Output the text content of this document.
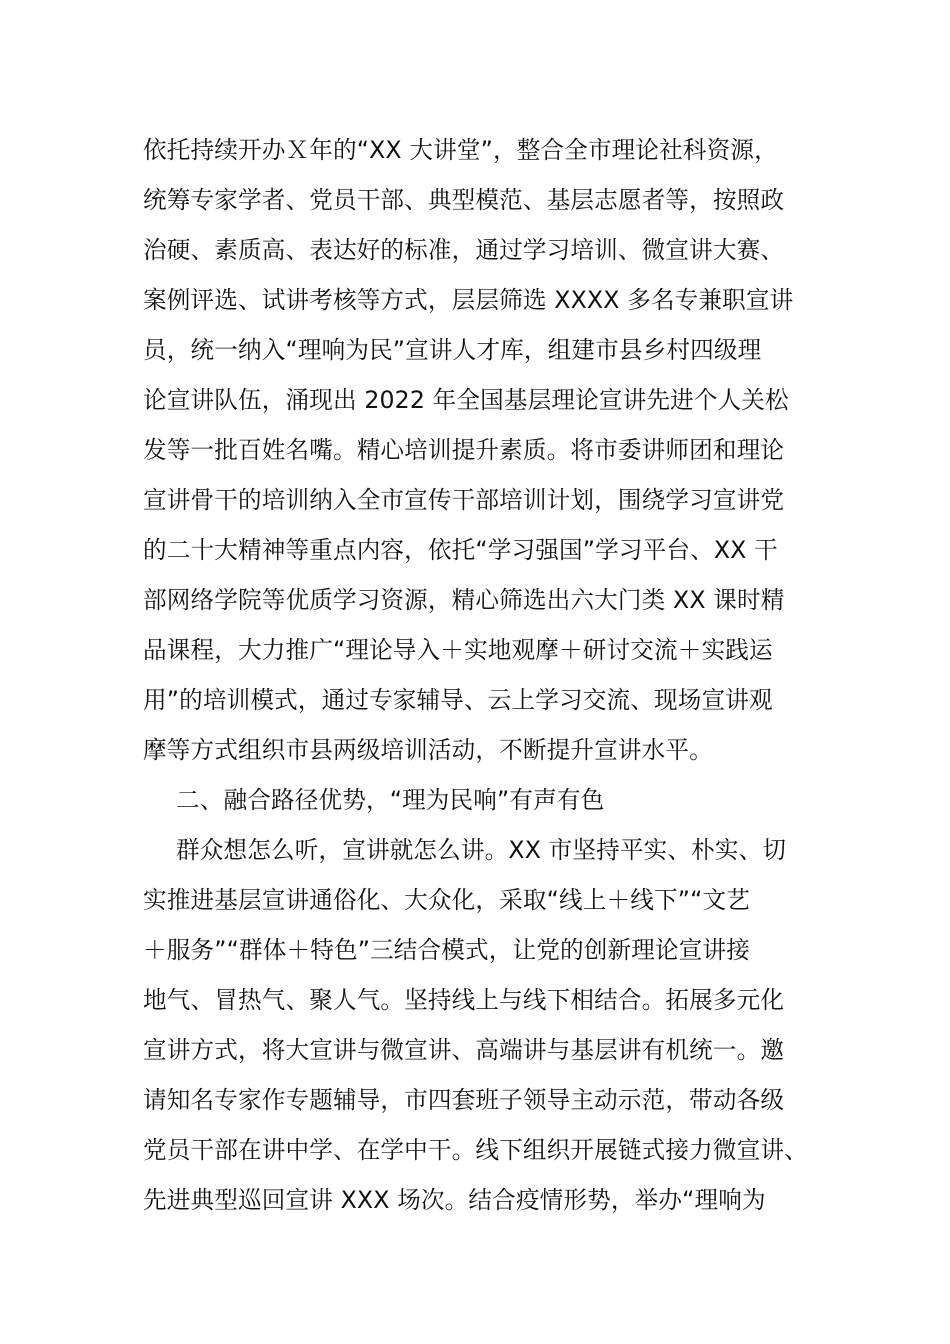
依托持续开办Ｘ年的“XX 大讲堂”，整合全市理论社科资源，
统筹专家学者、党员干部、典型模范、基层志愿者等，按照政
治硬、素质高、表达好的标准，通过学习培训、微宣讲大赛、
案例评选、试讲考核等方式，层层筛选 XXXX 多名专兼职宣讲
员，统一纳入“理响为民”宣讲人才库，组建市县乡村四级理
论宣讲队伍，涌现出 2022 年全国基层理论宣讲先进个人关松
发等一批百姓名嘴。精心培训提升素质。将市委讲师团和理论
宣讲骨干的培训纳入全市宣传干部培训计划，围绕学习宣讲党
的二十大精神等重点内容，依托“学习强国”学习平台、XX 干
部网络学院等优质学习资源，精心筛选出六大门类 XX 课时精
品课程，大力推广“理论导入＋实地观摩＋研讨交流＋实践运
用”的培训模式，通过专家辅导、云上学习交流、现场宣讲观
摩等方式组织市县两级培训活动，不断提升宣讲水平。
二、融合路径优势，“理为民响”有声有色
群众想怎么听，宣讲就怎么讲。XX 市坚持平实、朴实、切
实推进基层宣讲通俗化、大众化，采取“线上＋线下”“文艺
＋服务”“群体＋特色”三结合模式，让党的创新理论宣讲接
地气、冒热气、聚人气。坚持线上与线下相结合。拓展多元化
宣讲方式，将大宣讲与微宣讲、高端讲与基层讲有机统一。邀
请知名专家作专题辅导，市四套班子领导主动示范，带动各级
党员干部在讲中学、在学中干。线下组织开展链式接力微宣讲、
先进典型巡回宣讲 XXX 场次。结合疫情形势，举办“理响为
